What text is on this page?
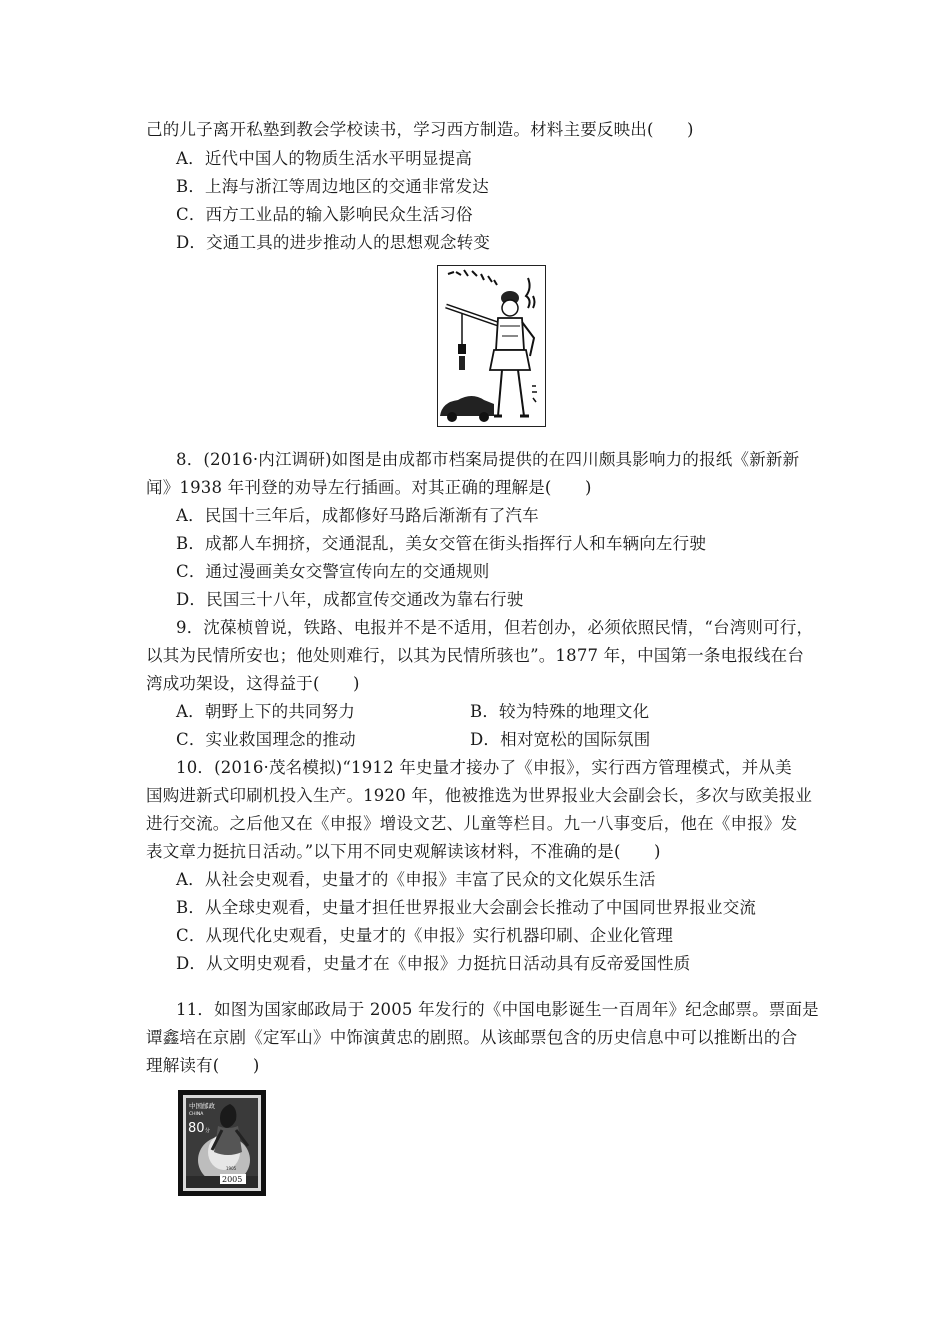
己的儿子离开私塾到教会学校读书，学习西方制造。材料主要反映出(　　)
A．近代中国人的物质生活水平明显提高
B．上海与浙江等周边地区的交通非常发达
C．西方工业品的输入影响民众生活习俗
D．交通工具的进步推动人的思想观念转变
8．(2016·内江调研)如图是由成都市档案局提供的在四川颇具影响力的报纸《新新新
闻》1938 年刊登的劝导左行插画。对其正确的理解是(　　)
A．民国十三年后，成都修好马路后渐渐有了汽车
B．成都人车拥挤，交通混乱，美女交管在街头指挥行人和车辆向左行驶
C．通过漫画美女交警宣传向左的交通规则
D．民国三十八年，成都宣传交通改为靠右行驶
9．沈葆桢曾说，铁路、电报并不是不适用，但若创办，必须依照民情，“台湾则可行，
以其为民情所安也；他处则难行，以其为民情所骇也”。1877 年，中国第一条电报线在台
湾成功架设，这得益于(　　)
A．朝野上下的共同努力	B．较为特殊的地理文化
C．实业救国理念的推动	D．相对宽松的国际氛围
10．(2016·茂名模拟)“1912 年史量才接办了《申报》，实行西方管理模式，并从美
国购进新式印刷机投入生产。1920 年，他被推选为世界报业大会副会长，多次与欧美报业
进行交流。之后他又在《申报》增设文艺、儿童等栏目。九一八事变后，他在《申报》发
表文章力挺抗日活动。”以下用不同史观解读该材料，不准确的是(　　)
A．从社会史观看，史量才的《申报》丰富了民众的文化娱乐生活
B．从全球史观看，史量才担任世界报业大会副会长推动了中国同世界报业交流
C．从现代化史观看，史量才的《申报》实行机器印刷、企业化管理
D．从文明史观看，史量才在《申报》力挺抗日活动具有反帝爱国性质
11．如图为国家邮政局于 2005 年发行的《中国电影诞生一百周年》纪念邮票。票面是
谭鑫培在京剧《定军山》中饰演黄忠的剧照。从该邮票包含的历史信息中可以推断出的合
理解读有(　　)
中国邮政
CHINA
80 分
1905
2005
